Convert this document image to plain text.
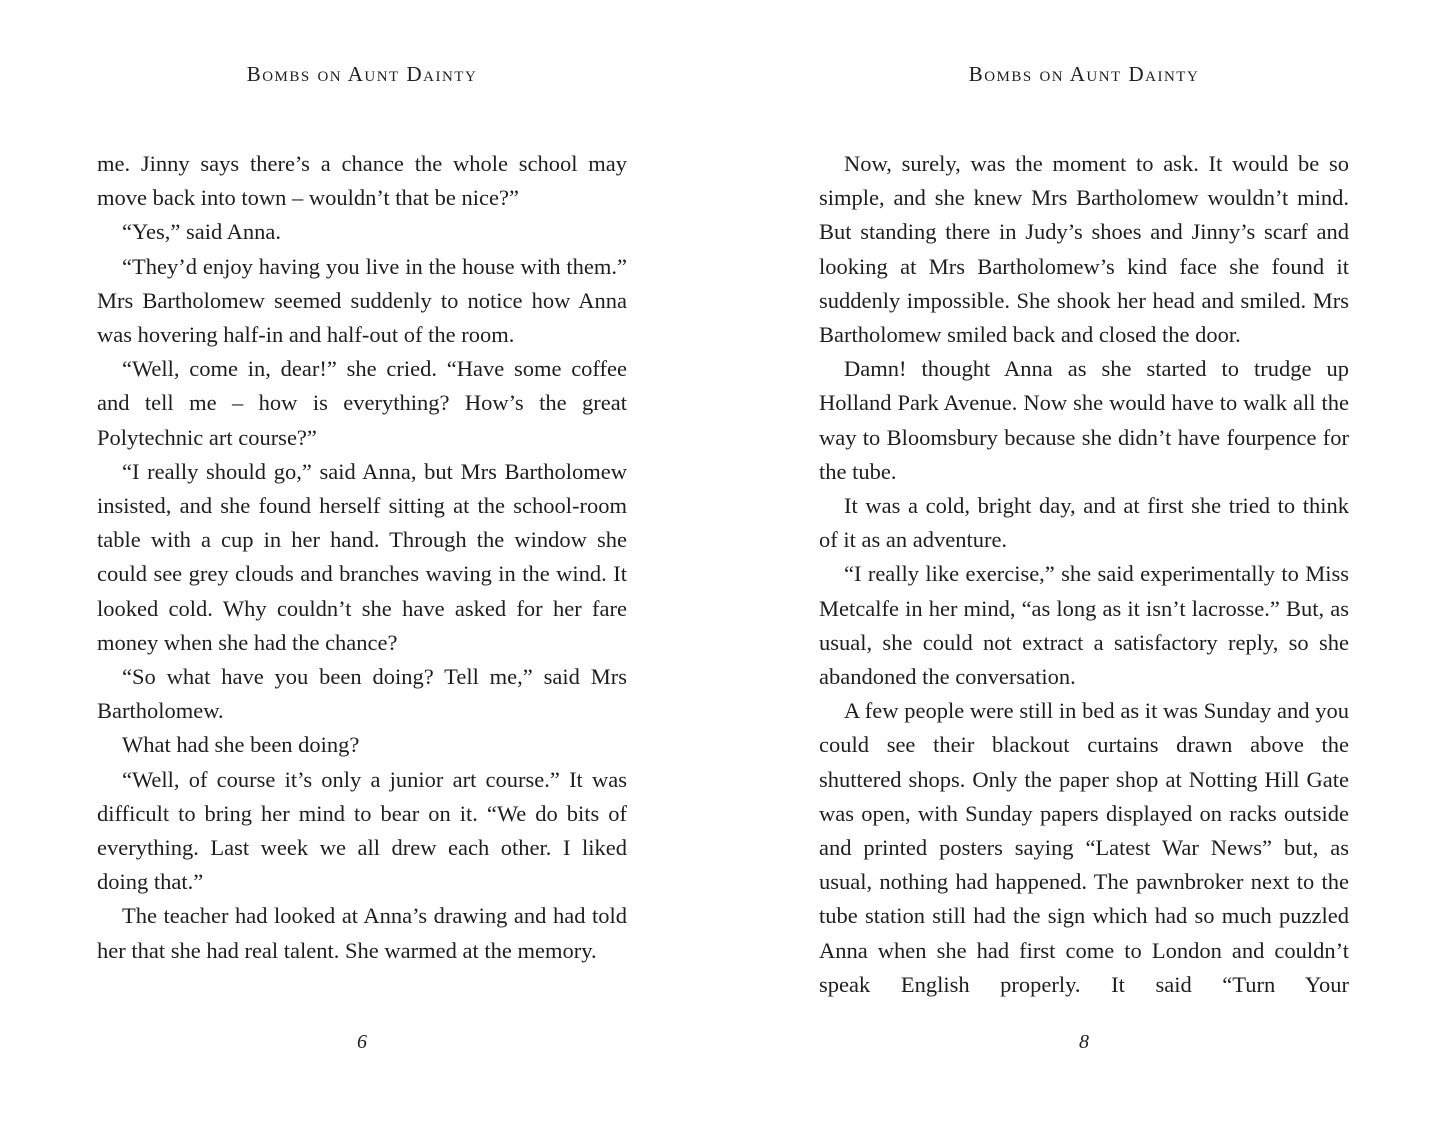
Bombs on Aunt Dainty

me. Jinny says there’s a chance the whole school may move back into town – wouldn’t that be nice?”

“Yes,” said Anna.

“They’d enjoy having you live in the house with them.” Mrs Bartholomew seemed suddenly to notice how Anna was hovering half-in and half-out of the room.

“Well, come in, dear!” she cried. “Have some coffee and tell me – how is everything? How’s the great Polytechnic art course?”

“I really should go,” said Anna, but Mrs Bartholomew insisted, and she found herself sitting at the school-room table with a cup in her hand. Through the window she could see grey clouds and branches waving in the wind. It looked cold. Why couldn’t she have asked for her fare money when she had the chance?

“So what have you been doing? Tell me,” said Mrs Bartholomew.

What had she been doing?

“Well, of course it’s only a junior art course.” It was difficult to bring her mind to bear on it. “We do bits of everything. Last week we all drew each other. I liked doing that.”

The teacher had looked at Anna’s drawing and had told her that she had real talent. She warmed at the memory.

6
Bombs on Aunt Dainty

Now, surely, was the moment to ask. It would be so simple, and she knew Mrs Bartholomew wouldn’t mind. But standing there in Judy’s shoes and Jinny’s scarf and looking at Mrs Bartholomew’s kind face she found it suddenly impossible. She shook her head and smiled. Mrs Bartholomew smiled back and closed the door.

Damn! thought Anna as she started to trudge up Holland Park Avenue. Now she would have to walk all the way to Bloomsbury because she didn’t have fourpence for the tube.

It was a cold, bright day, and at first she tried to think of it as an adventure.

“I really like exercise,” she said experimentally to Miss Metcalfe in her mind, “as long as it isn’t lacrosse.” But, as usual, she could not extract a satisfactory reply, so she abandoned the conversation.

A few people were still in bed as it was Sunday and you could see their blackout curtains drawn above the shuttered shops. Only the paper shop at Notting Hill Gate was open, with Sunday papers displayed on racks outside and printed posters saying “Latest War News” but, as usual, nothing had happened. The pawnbroker next to the tube station still had the sign which had so much puzzled Anna when she had first come to London and couldn’t speak English properly. It said “Turn Your

8
